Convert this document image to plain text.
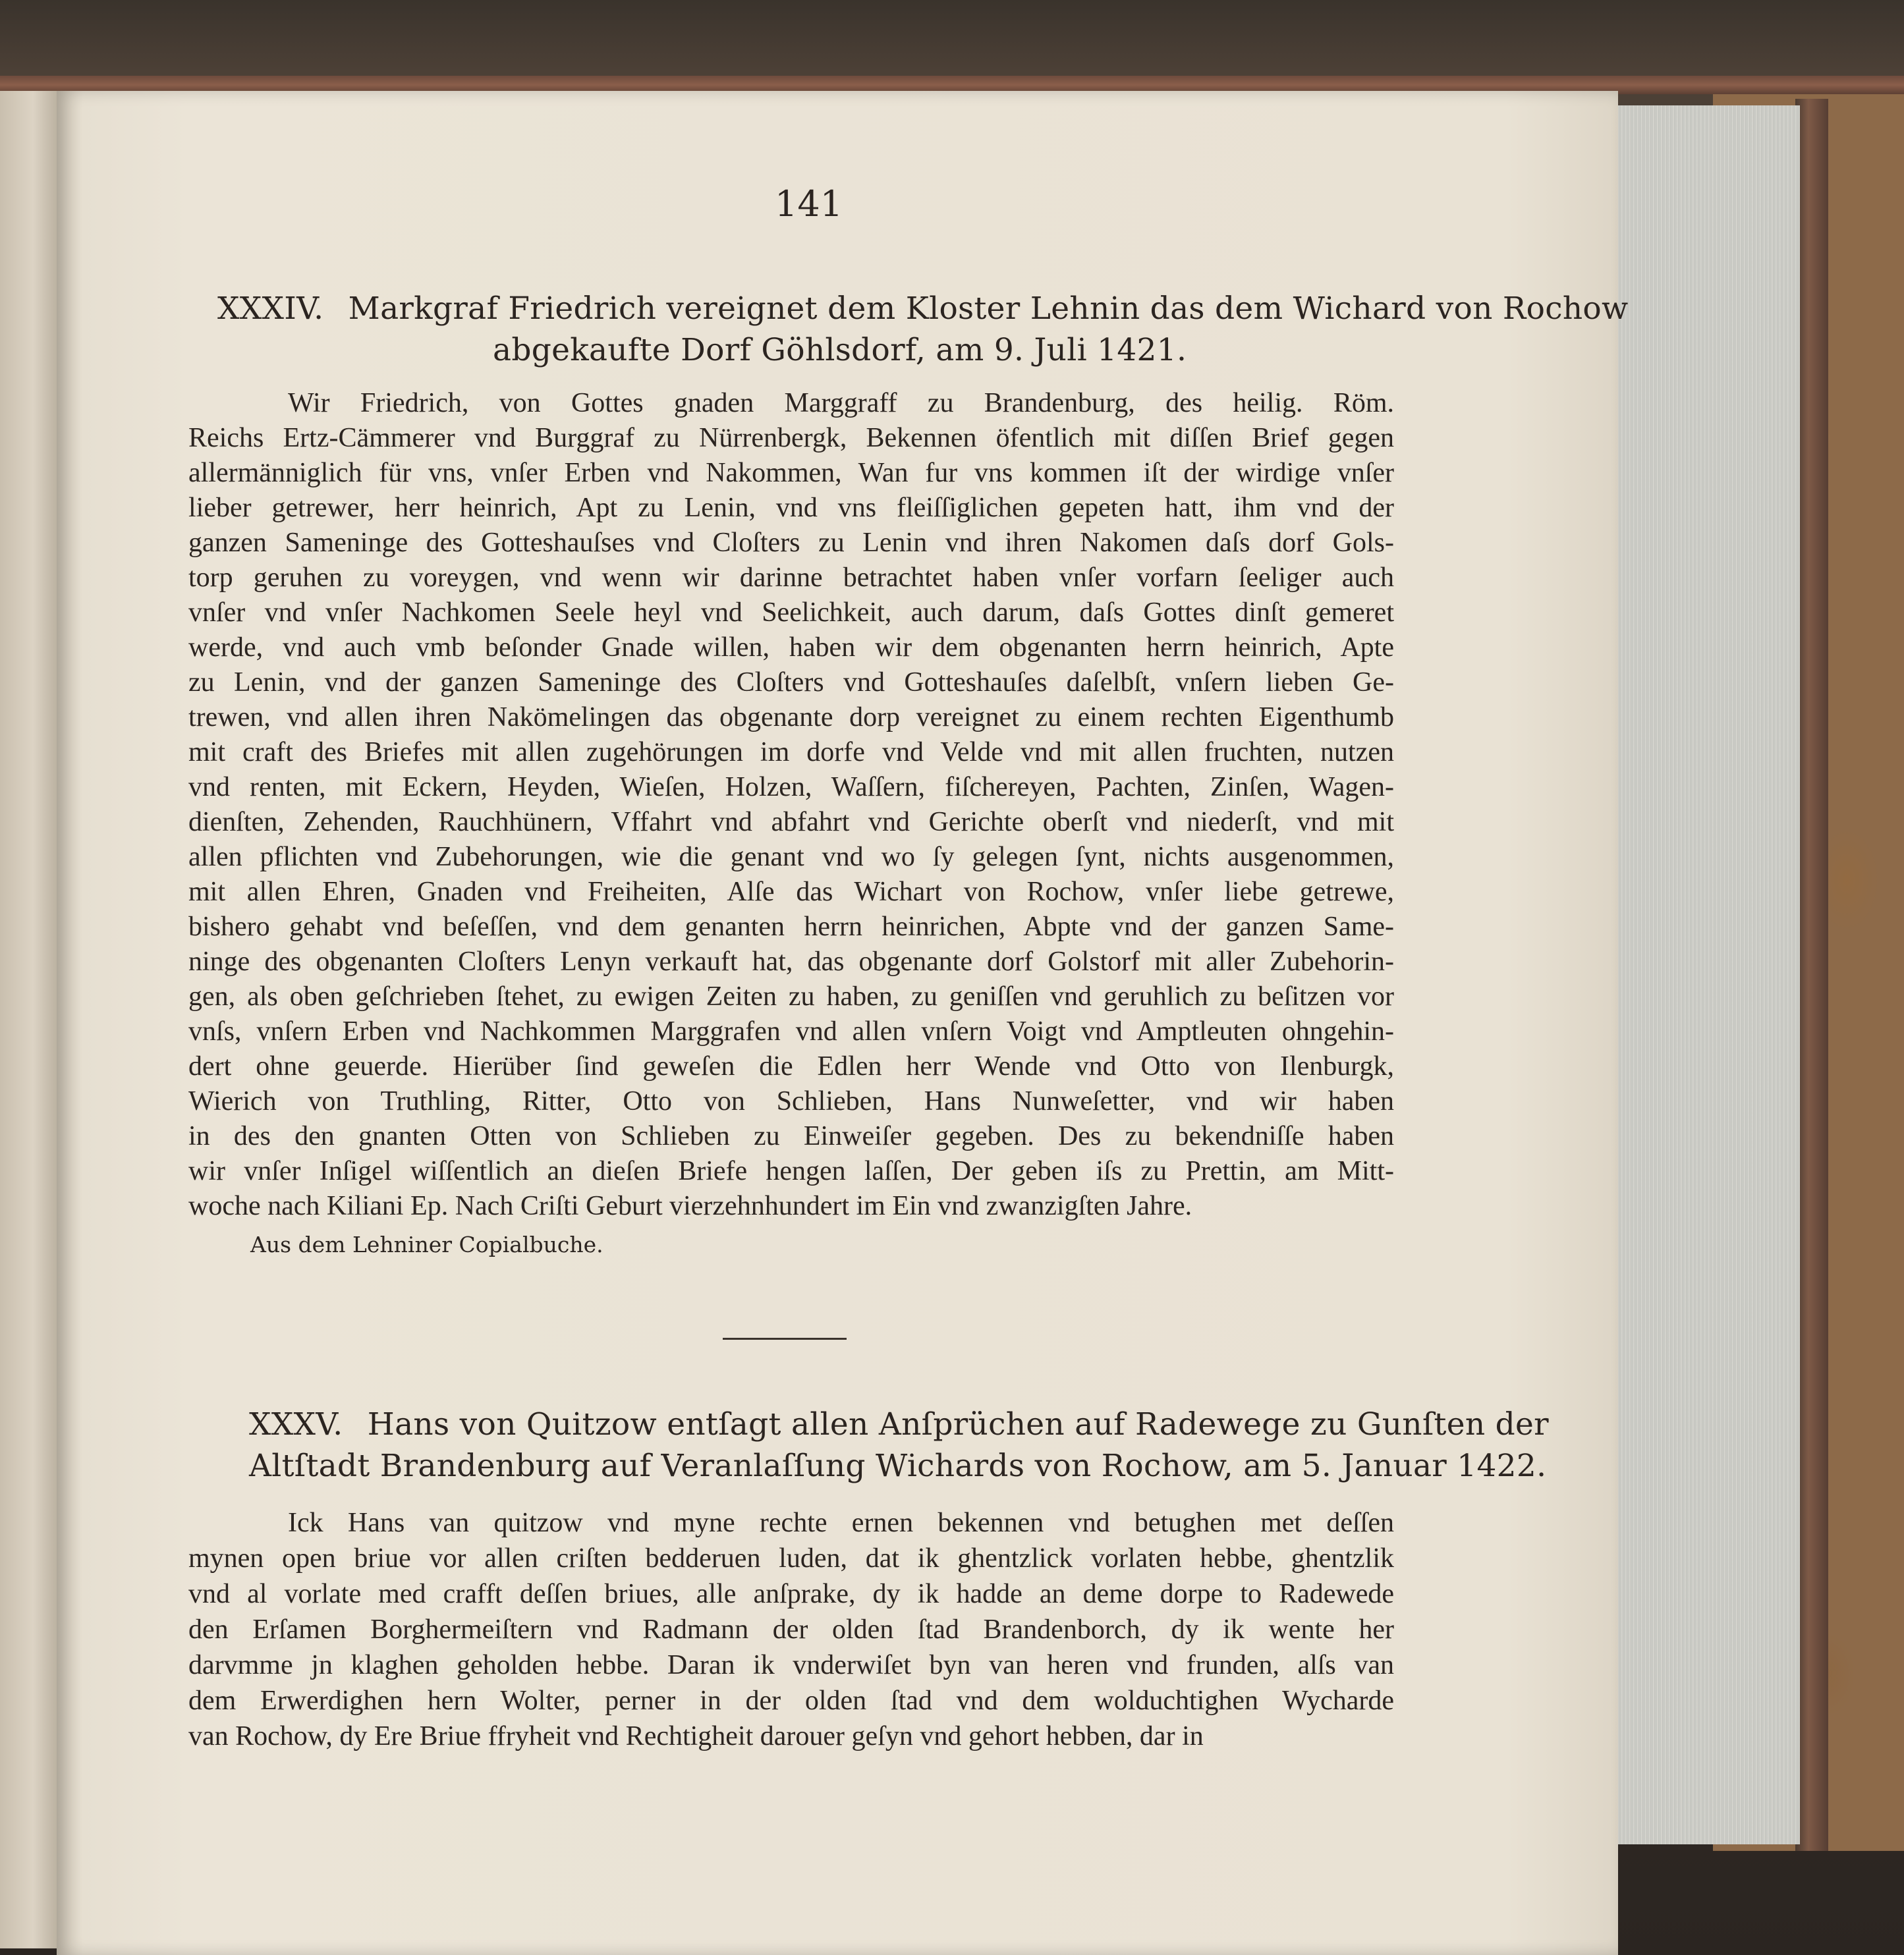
141
XXXIV. Markgraf Friedrich vereignet dem Kloster Lehnin das dem Wichard von Rochow
abgekaufte Dorf Göhlsdorf, am 9. Juli 1421.
Wir Friedrich, von Gottes gnaden Marggraff zu Brandenburg, des heilig. Röm.
Reichs Ertz-Cämmerer vnd Burggraf zu Nürrenbergk, Bekennen öfentlich mit diſſen Brief gegen
allermänniglich für vns, vnſer Erben vnd Nakommen, Wan fur vns kommen iſt der wirdige vnſer
lieber getrewer, herr heinrich, Apt zu Lenin, vnd vns fleiſſiglichen gepeten hatt, ihm vnd der
ganzen Sameninge des Gotteshauſses vnd Cloſters zu Lenin vnd ihren Nakomen daſs dorf Gols-
torp geruhen zu voreygen, vnd wenn wir darinne betrachtet haben vnſer vorfarn ſeeliger auch
vnſer vnd vnſer Nachkomen Seele heyl vnd Seelichkeit, auch darum, daſs Gottes dinſt gemeret
werde, vnd auch vmb beſonder Gnade willen, haben wir dem obgenanten herrn heinrich, Apte
zu Lenin, vnd der ganzen Sameninge des Cloſters vnd Gotteshauſes daſelbſt, vnſern lieben Ge-
trewen, vnd allen ihren Nakömelingen das obgenante dorp vereignet zu einem rechten Eigenthumb
mit craft des Briefes mit allen zugehörungen im dorfe vnd Velde vnd mit allen fruchten, nutzen
vnd renten, mit Eckern, Heyden, Wieſen, Holzen, Waſſern, fiſchereyen, Pachten, Zinſen, Wagen-
dienſten, Zehenden, Rauchhünern, Vffahrt vnd abfahrt vnd Gerichte oberſt vnd niederſt, vnd mit
allen pflichten vnd Zubehorungen, wie die genant vnd wo ſy gelegen ſynt, nichts ausgenommen,
mit allen Ehren, Gnaden vnd Freiheiten, Alſe das Wichart von Rochow, vnſer liebe getrewe,
bishero gehabt vnd beſeſſen, vnd dem genanten herrn heinrichen, Abpte vnd der ganzen Same-
ninge des obgenanten Cloſters Lenyn verkauft hat, das obgenante dorf Golstorf mit aller Zubehorin-
gen, als oben geſchrieben ſtehet, zu ewigen Zeiten zu haben, zu geniſſen vnd geruhlich zu beſitzen vor
vnſs, vnſern Erben vnd Nachkommen Marggrafen vnd allen vnſern Voigt vnd Amptleuten ohngehin-
dert ohne geuerde. Hierüber ſind geweſen die Edlen herr Wende vnd Otto von Ilenburgk,
Wierich von Truthling, Ritter, Otto von Schlieben, Hans Nunweſetter, vnd wir haben
in des den gnanten Otten von Schlieben zu Einweiſer gegeben. Des zu bekendniſſe haben
wir vnſer Inſigel wiſſentlich an dieſen Briefe hengen laſſen, Der geben iſs zu Prettin, am Mitt-
woche nach Kiliani Ep. Nach Criſti Geburt vierzehnhundert im Ein vnd zwanzigſten Jahre.
Aus dem Lehniner Copialbuche.
XXXV. Hans von Quitzow entſagt allen Anſprüchen auf Radewege zu Gunſten der
Altſtadt Brandenburg auf Veranlaſſung Wichards von Rochow, am 5. Januar 1422.
Ick Hans van quitzow vnd myne rechte ernen bekennen vnd betughen met deſſen
mynen open briue vor allen criſten bedderuen luden, dat ik ghentzlick vorlaten hebbe, ghentzlik
vnd al vorlate med crafft deſſen briues, alle anſprake, dy ik hadde an deme dorpe to Radewede
den Erſamen Borghermeiſtern vnd Radmann der olden ſtad Brandenborch, dy ik wente her
darvmme jn klaghen geholden hebbe. Daran ik vnderwiſet byn van heren vnd frunden, alſs van
dem Erwerdighen hern Wolter, perner in der olden ſtad vnd dem wolduchtighen Wycharde
van Rochow, dy Ere Briue ffryheit vnd Rechtigheit darouer geſyn vnd gehort hebben, dar in
